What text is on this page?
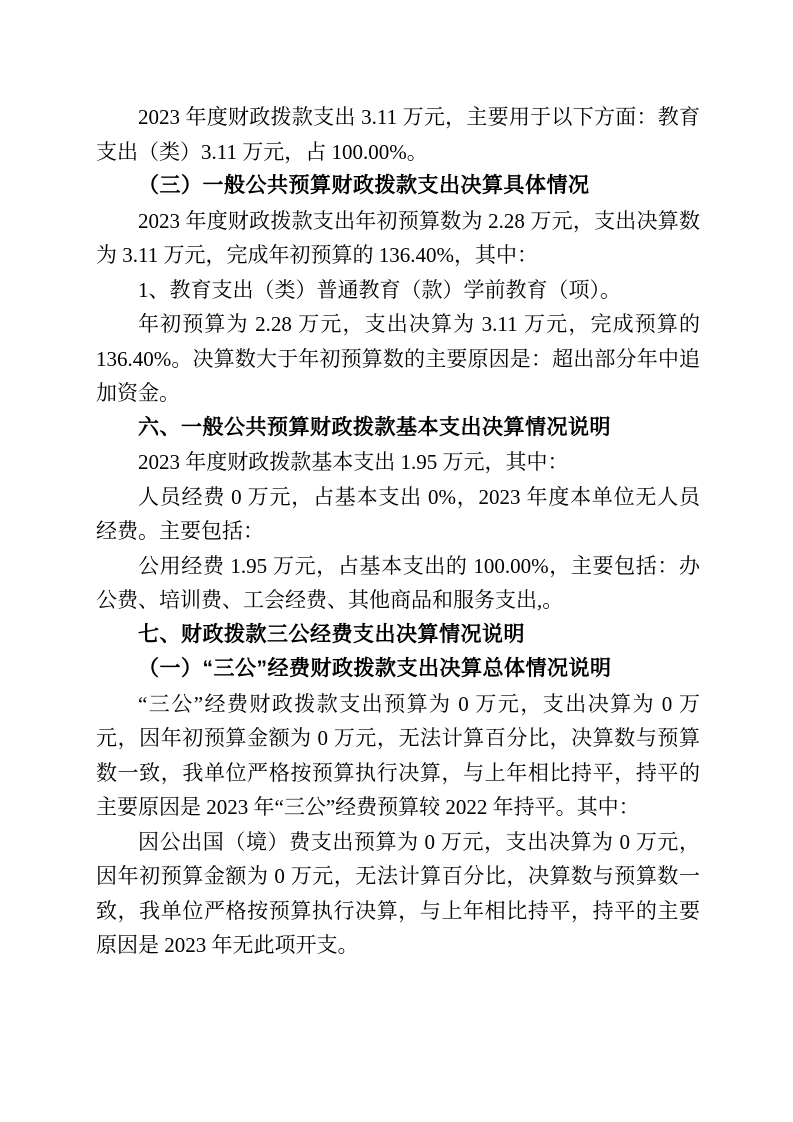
2023 年度财政拨款支出 3.11 万元，主要用于以下方面：教育支出（类）3.11 万元，占 100.00%。

（三）一般公共预算财政拨款支出决算具体情况

2023 年度财政拨款支出年初预算数为 2.28 万元，支出决算数为 3.11 万元，完成年初预算的 136.40%，其中：

1、教育支出（类）普通教育（款）学前教育（项）。

年初预算为 2.28 万元，支出决算为 3.11 万元，完成预算的 136.40%。决算数大于年初预算数的主要原因是：超出部分年中追加资金。

六、一般公共预算财政拨款基本支出决算情况说明

2023 年度财政拨款基本支出 1.95 万元，其中：

人员经费 0 万元，占基本支出 0%，2023 年度本单位无人员经费。主要包括：

公用经费 1.95 万元，占基本支出的 100.00%，主要包括：办公费、培训费、工会经费、其他商品和服务支出,。

七、财政拨款三公经费支出决算情况说明

（一）“三公”经费财政拨款支出决算总体情况说明

“三公”经费财政拨款支出预算为 0 万元，支出决算为 0 万元，因年初预算金额为 0 万元，无法计算百分比，决算数与预算数一致，我单位严格按预算执行决算，与上年相比持平，持平的主要原因是 2023 年“三公”经费预算较 2022 年持平。其中：

因公出国（境）费支出预算为 0 万元，支出决算为 0 万元，因年初预算金额为 0 万元，无法计算百分比，决算数与预算数一致，我单位严格按预算执行决算，与上年相比持平，持平的主要原因是 2023 年无此项开支。
